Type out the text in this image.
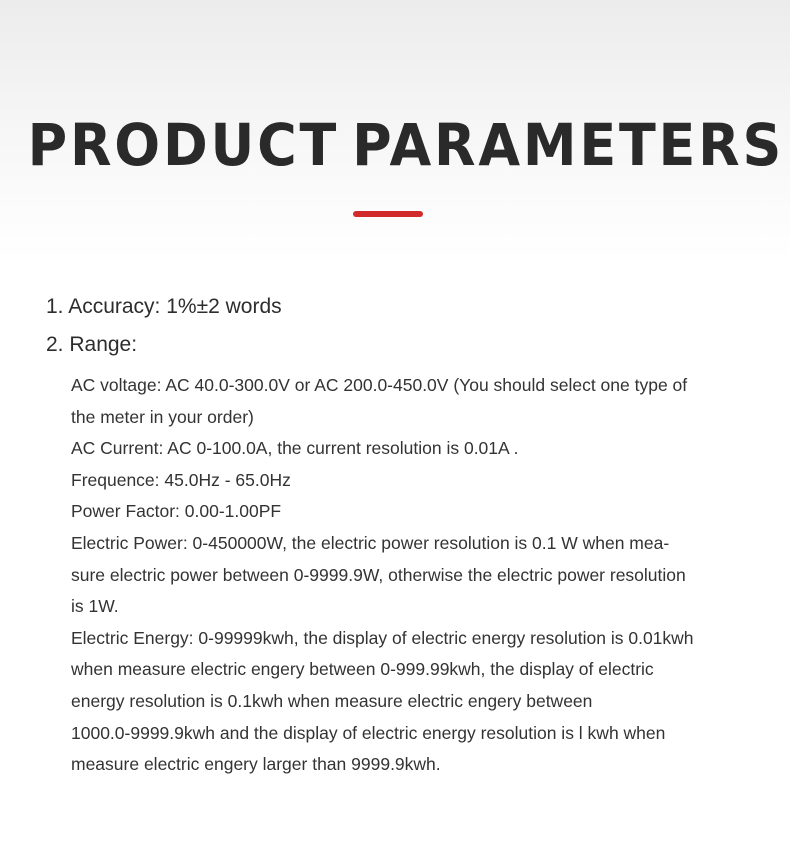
PRODUCT PARAMETERS
1. Accuracy: 1%±2 words
2. Range:
AC voltage: AC 40.0-300.0V or AC 200.0-450.0V (You should select one type of
the meter in your order)
AC Current: AC 0-100.0A, the current resolution is 0.01A .
Frequence: 45.0Hz - 65.0Hz
Power Factor: 0.00-1.00PF
Electric Power: 0-450000W, the electric power resolution is 0.1 W when mea-
sure electric power between 0-9999.9W, otherwise the electric power resolution
is 1W.
Electric Energy: 0-99999kwh, the display of electric energy resolution is 0.01kwh
when measure electric engery between 0-999.99kwh, the display of electric
energy resolution is 0.1kwh when measure electric engery between
1000.0-9999.9kwh and the display of electric energy resolution is l kwh when
measure electric engery larger than 9999.9kwh.
